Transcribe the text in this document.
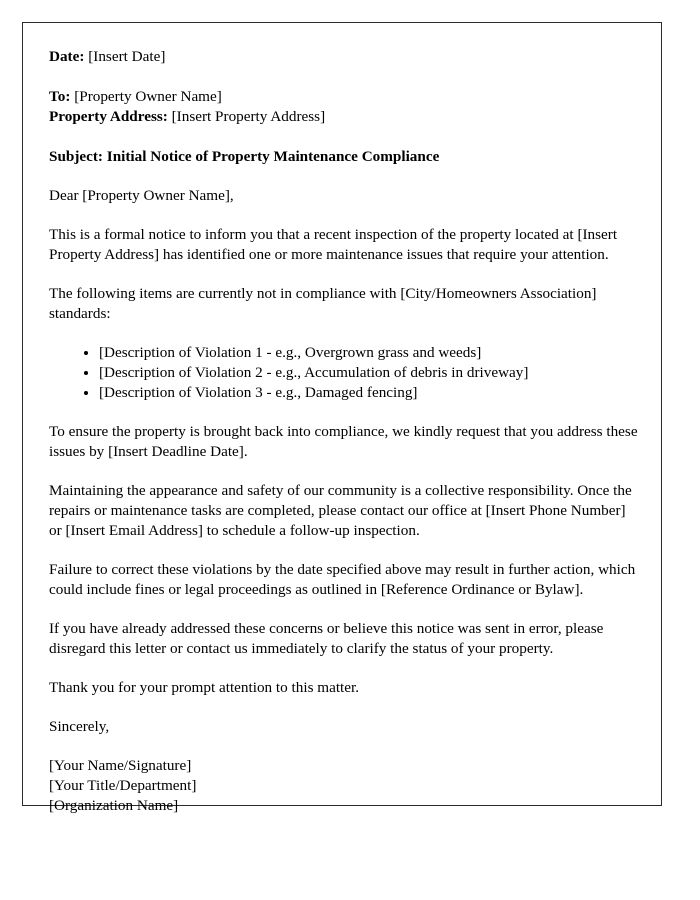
Date: [Insert Date]

To: [Property Owner Name]

Property Address: [Insert Property Address]

Subject: Initial Notice of Property Maintenance Compliance

Dear [Property Owner Name],

This is a formal notice to inform you that a recent inspection of the property located at [Insert Property Address] has identified one or more maintenance issues that require your attention.

The following items are currently not in compliance with [City/Homeowners Association] standards:

• [Description of Violation 1 - e.g., Overgrown grass and weeds]
• [Description of Violation 2 - e.g., Accumulation of debris in driveway]
• [Description of Violation 3 - e.g., Damaged fencing]

To ensure the property is brought back into compliance, we kindly request that you address these issues by [Insert Deadline Date].

Maintaining the appearance and safety of our community is a collective responsibility. Once the repairs or maintenance tasks are completed, please contact our office at [Insert Phone Number] or [Insert Email Address] to schedule a follow-up inspection.

Failure to correct these violations by the date specified above may result in further action, which could include fines or legal proceedings as outlined in [Reference Ordinance or Bylaw].

If you have already addressed these concerns or believe this notice was sent in error, please disregard this letter or contact us immediately to clarify the status of your property.

Thank you for your prompt attention to this matter.

Sincerely,

[Your Name/Signature]

[Your Title/Department]

[Organization Name]
